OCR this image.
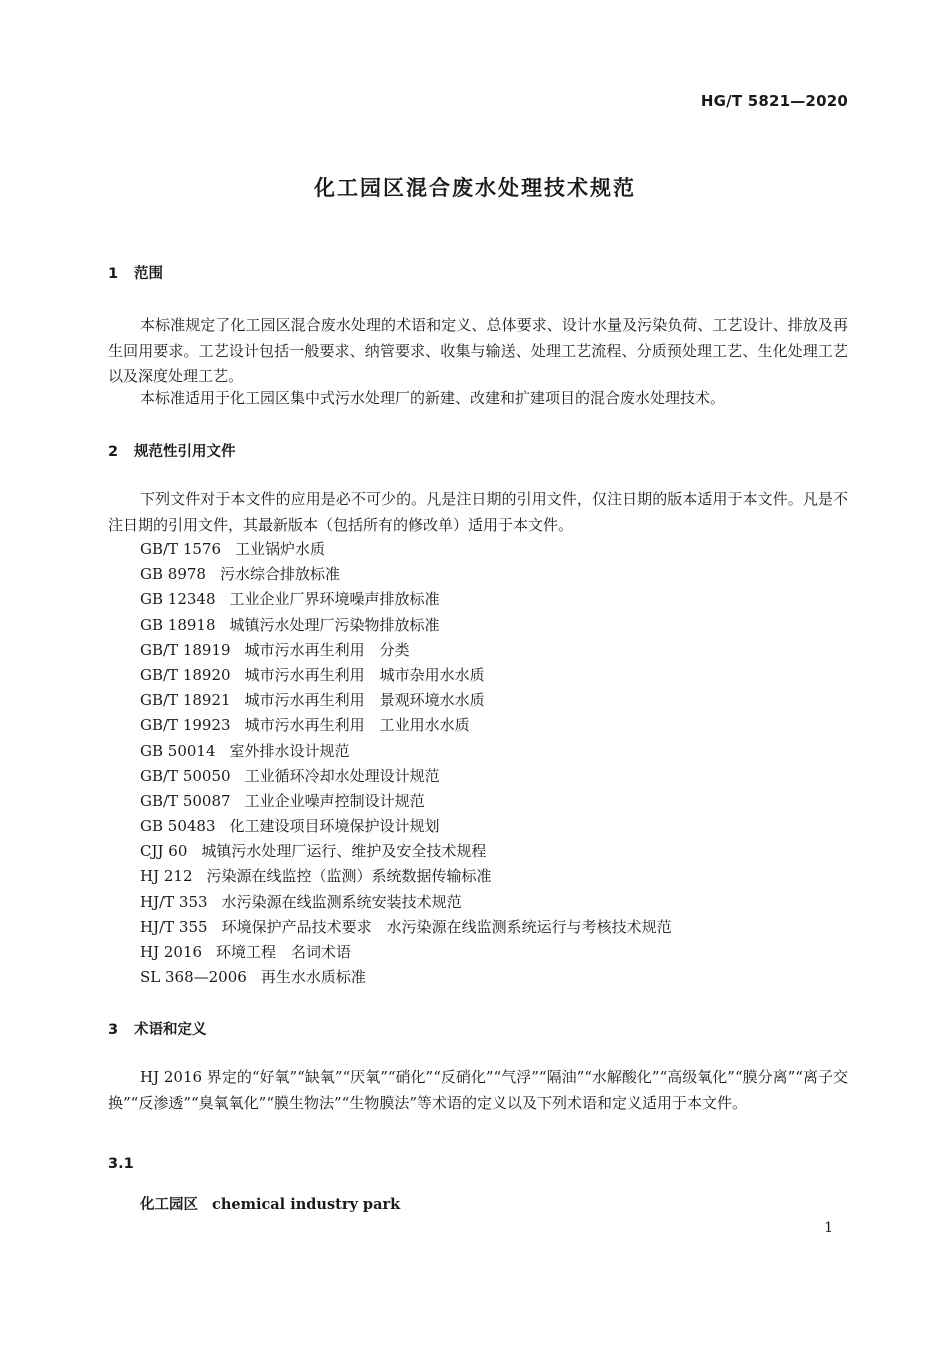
HG/T 5821—2020
化工园区混合废水处理技术规范
1 范围

本标准规定了化工园区混合废水处理的术语和定义、总体要求、设计水量及污染负荷、工艺设计、排放及再生回用要求。工艺设计包括一般要求、纳管要求、收集与输送、处理工艺流程、分质预处理工艺、生化处理工艺以及深度处理工艺。

本标准适用于化工园区集中式污水处理厂的新建、改建和扩建项目的混合废水处理技术。

2 规范性引用文件

下列文件对于本文件的应用是必不可少的。凡是注日期的引用文件，仅注日期的版本适用于本文件。凡是不注日期的引用文件，其最新版本（包括所有的修改单）适用于本文件。

GB/T 1576 工业锅炉水质
GB 8978 污水综合排放标准
GB 12348 工业企业厂界环境噪声排放标准
GB 18918 城镇污水处理厂污染物排放标准
GB/T 18919 城市污水再生利用　分类
GB/T 18920 城市污水再生利用　城市杂用水水质
GB/T 18921 城市污水再生利用　景观环境水水质
GB/T 19923 城市污水再生利用　工业用水水质
GB 50014 室外排水设计规范
GB/T 50050 工业循环冷却水处理设计规范
GB/T 50087 工业企业噪声控制设计规范
GB 50483 化工建设项目环境保护设计规划
CJJ 60 城镇污水处理厂运行、维护及安全技术规程
HJ 212 污染源在线监控（监测）系统数据传输标准
HJ/T 353 水污染源在线监测系统安装技术规范
HJ/T 355 环境保护产品技术要求　水污染源在线监测系统运行与考核技术规范
HJ 2016 环境工程　名词术语
SL 368—2006 再生水水质标准
3 术语和定义

HJ 2016 界定的“好氧”“缺氧”“厌氧”“硝化”“反硝化”“气浮”“隔油”“水解酸化”“高级氧化”“膜分离”“离子交换”“反渗透”“臭氧氧化”“膜生物法”“生物膜法”等术语的定义以及下列术语和定义适用于本文件。

3.1
化工园区 chemical industry park
1
